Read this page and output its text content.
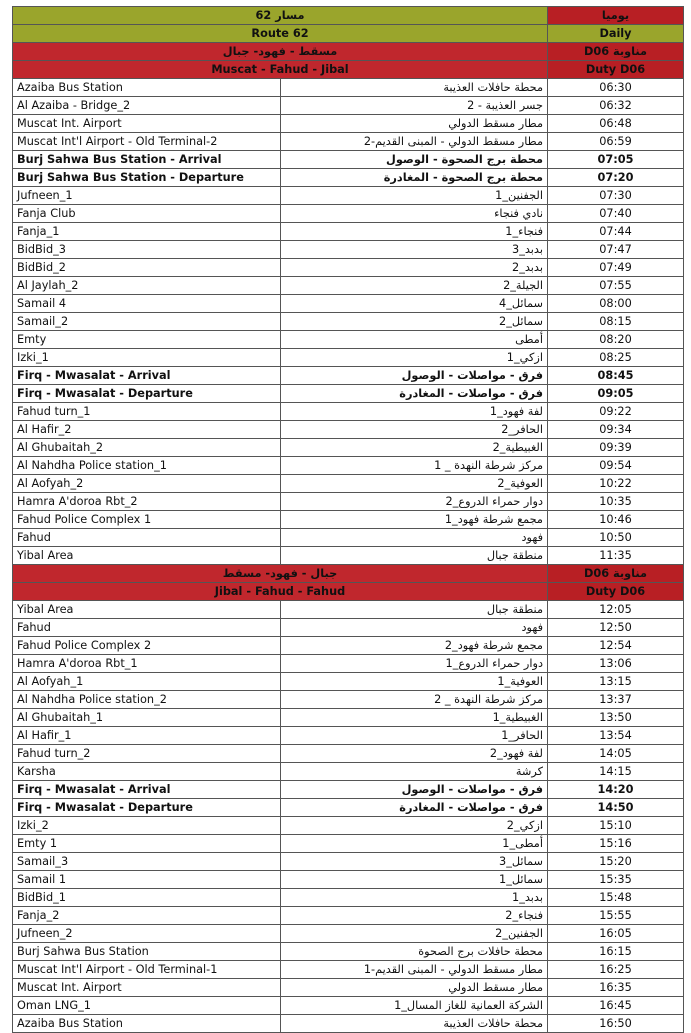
مسار 62		يوميا
Route 62		Daily
مسقط - فهود- جبال		مناوبة D06
Muscat - Fahud - Jibal		Duty D06
Azaiba Bus Station	محطة حافلات العذيبة	06:30
Al Azaiba - Bridge_2	جسر العذيبة - 2	06:32
Muscat Int. Airport	مطار مسقط الدولي	06:48
Muscat Int'l Airport - Old Terminal-2	مطار مسقط الدولي - المبنى القديم-2	06:59
Burj Sahwa Bus Station - Arrival	محطة برج الصحوة - الوصول	07:05
Burj Sahwa Bus Station - Departure	محطة برج الصحوة - المغادرة	07:20
Jufneen_1	الجفنين_1	07:30
Fanja Club	نادي فنجاء	07:40
Fanja_1	فنجاء_1	07:44
BidBid_3	بدبد_3	07:47
BidBid_2	بدبد_2	07:49
Al Jaylah_2	الجيلة_2	07:55
Samail 4	سمائل_4	08:00
Samail_2	سمائل_2	08:15
Emty	أمطى	08:20
Izki_1	ازكي_1	08:25
Firq - Mwasalat - Arrival	فرق - مواصلات - الوصول	08:45
Firq - Mwasalat - Departure	فرق - مواصلات - المغادرة	09:05
Fahud turn_1	لفة فهود_1	09:22
Al Hafir_2	الحافر_2	09:34
Al Ghubaitah_2	الغبيطية_2	09:39
Al Nahdha Police station_1	مركز شرطة النهدة _ 1	09:54
Al Aofyah_2	العوفية_2	10:22
Hamra A'doroa Rbt_2	دوار حمراء الدروع_2	10:35
Fahud Police Complex 1	مجمع شرطة فهود_1	10:46
Fahud	فهود	10:50
Yibal Area	منطقة جبال	11:35
جبال - فهود- مسقط		مناوبة D06
Jibal - Fahud - Fahud		Duty D06
Yibal Area	منطقة جبال	12:05
Fahud	فهود	12:50
Fahud Police Complex 2	مجمع شرطة فهود_2	12:54
Hamra A'doroa Rbt_1	دوار حمراء الدروع_1	13:06
Al Aofyah_1	العوفية_1	13:15
Al Nahdha Police station_2	مركز شرطة النهدة _ 2	13:37
Al Ghubaitah_1	الغبيطية_1	13:50
Al Hafir_1	الحافر_1	13:54
Fahud turn_2	لفة فهود_2	14:05
Karsha	كرشة	14:15
Firq - Mwasalat - Arrival	فرق - مواصلات - الوصول	14:20
Firq - Mwasalat - Departure	فرق - مواصلات - المغادرة	14:50
Izki_2	ازكي_2	15:10
Emty 1	أمطى_1	15:16
Samail_3	سمائل_3	15:20
Samail 1	سمائل_1	15:35
BidBid_1	بدبد_1	15:48
Fanja_2	فنجاء_2	15:55
Jufneen_2	الجفنين_2	16:05
Burj Sahwa Bus Station	محطة حافلات برج الصحوة	16:15
Muscat Int'l Airport - Old Terminal-1	مطار مسقط الدولي - المبنى القديم-1	16:25
Muscat Int. Airport	مطار مسقط الدولي	16:35
Oman LNG_1	الشركة العمانية للغاز المسال_1	16:45
Azaiba Bus Station	محطة حافلات العذيبة	16:50
